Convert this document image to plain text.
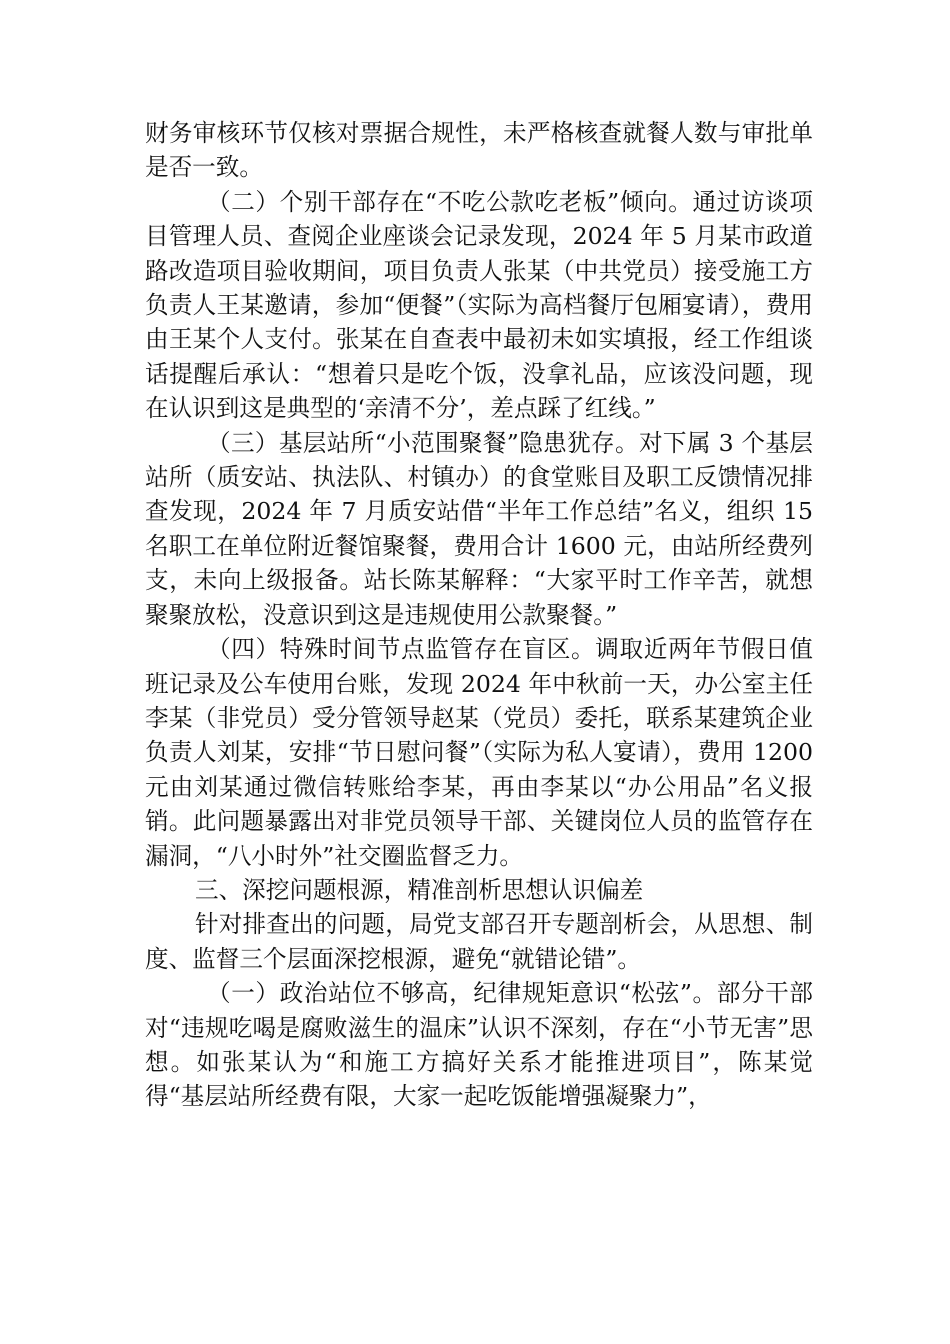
财务审核环节仅核对票据合规性，未严格核查就餐人数与审批单是否一致。

（二）个别干部存在“不吃公款吃老板”倾向。通过访谈项目管理人员、查阅企业座谈会记录发现，2024 年 5 月某市政道路改造项目验收期间，项目负责人张某（中共党员）接受施工方负责人王某邀请，参加“便餐”（实际为高档餐厅包厢宴请），费用由王某个人支付。张某在自查表中最初未如实填报，经工作组谈话提醒后承认：“想着只是吃个饭，没拿礼品，应该没问题，现在认识到这是典型的‘亲清不分’，差点踩了红线。”

（三）基层站所“小范围聚餐”隐患犹存。对下属 3 个基层站所（质安站、执法队、村镇办）的食堂账目及职工反馈情况排查发现，2024 年 7 月质安站借“半年工作总结”名义，组织 15 名职工在单位附近餐馆聚餐，费用合计 1600 元，由站所经费列支，未向上级报备。站长陈某解释：“大家平时工作辛苦，就想聚聚放松，没意识到这是违规使用公款聚餐。”

（四）特殊时间节点监管存在盲区。调取近两年节假日值班记录及公车使用台账，发现 2024 年中秋前一天，办公室主任李某（非党员）受分管领导赵某（党员）委托，联系某建筑企业负责人刘某，安排“节日慰问餐”（实际为私人宴请），费用 1200 元由刘某通过微信转账给李某，再由李某以“办公用品”名义报销。此问题暴露出对非党员领导干部、关键岗位人员的监管存在漏洞，“八小时外”社交圈监督乏力。

三、深挖问题根源，精准剖析思想认识偏差

针对排查出的问题，局党支部召开专题剖析会，从思想、制度、监督三个层面深挖根源，避免“就错论错”。

（一）政治站位不够高，纪律规矩意识“松弦”。部分干部对“违规吃喝是腐败滋生的温床”认识不深刻，存在“小节无害”思想。如张某认为“和施工方搞好关系才能推进项目”，陈某觉得“基层站所经费有限，大家一起吃饭能增强凝聚力”，
